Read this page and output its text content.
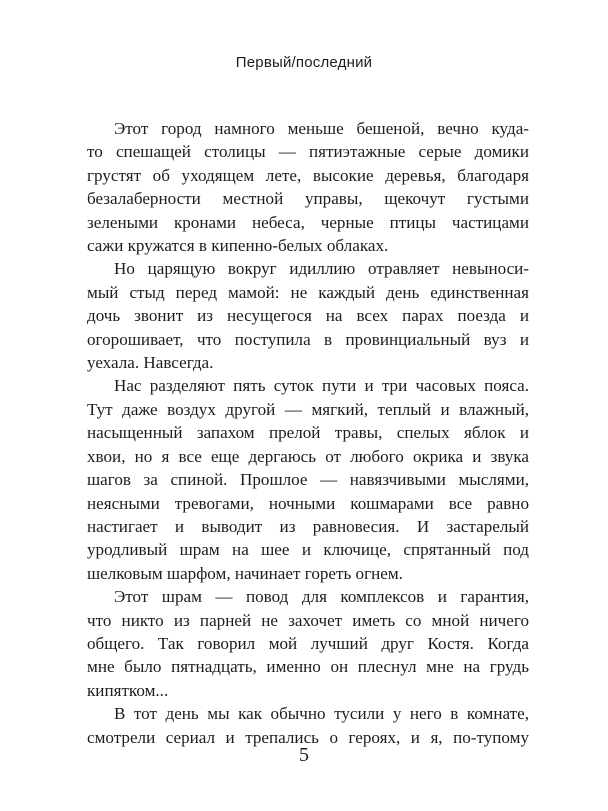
Первый/последний
Этот город намного меньше бешеной, вечно куда-
то спешащей столицы — пятиэтажные серые домики
грустят об уходящем лете, высокие деревья, благодаря
безалаберности местной управы, щекочут густыми
зелеными кронами небеса, черные птицы частицами
сажи кружатся в кипенно-белых облаках.
Но царящую вокруг идиллию отравляет невыноси-
мый стыд перед мамой: не каждый день единственная
дочь звонит из несущегося на всех парах поезда и
огорошивает, что поступила в провинциальный вуз и
уехала. Навсегда.
Нас разделяют пять суток пути и три часовых пояса.
Тут даже воздух другой — мягкий, теплый и влажный,
насыщенный запахом прелой травы, спелых яблок и
хвои, но я все еще дергаюсь от любого окрика и звука
шагов за спиной. Прошлое — навязчивыми мыслями,
неясными тревогами, ночными кошмарами все равно
настигает и выводит из равновесия. И застарелый
уродливый шрам на шее и ключице, спрятанный под
шелковым шарфом, начинает гореть огнем.
Этот шрам — повод для комплексов и гарантия,
что никто из парней не захочет иметь со мной ничего
общего. Так говорил мой лучший друг Костя. Когда
мне было пятнадцать, именно он плеснул мне на грудь
кипятком...
В тот день мы как обычно тусили у него в комнате,
смотрели сериал и трепались о героях, и я, по-тупому
5
